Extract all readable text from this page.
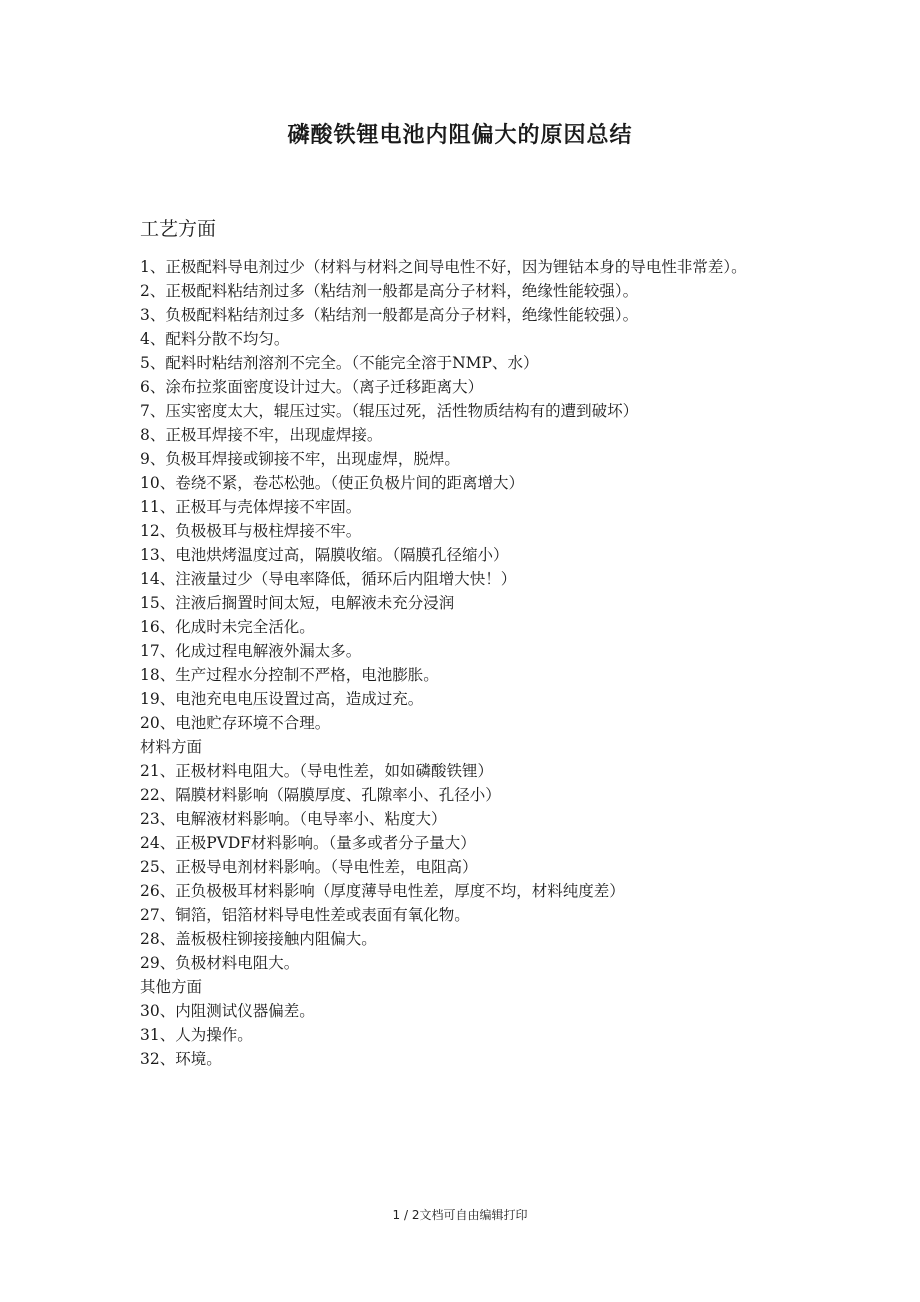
磷酸铁锂电池内阻偏大的原因总结
工艺方面

1、正极配料导电剂过少（材料与材料之间导电性不好，因为锂钴本身的导电性非常差）。

2、正极配料粘结剂过多（粘结剂一般都是高分子材料，绝缘性能较强）。

3、负极配料粘结剂过多（粘结剂一般都是高分子材料，绝缘性能较强）。

4、配料分散不均匀。

5、配料时粘结剂溶剂不完全。（不能完全溶于NMP、水）

6、涂布拉浆面密度设计过大。（离子迁移距离大）

7、压实密度太大，辊压过实。（辊压过死，活性物质结构有的遭到破坏）

8、正极耳焊接不牢，出现虚焊接。

9、负极耳焊接或铆接不牢，出现虚焊，脱焊。

10、卷绕不紧，卷芯松弛。（使正负极片间的距离增大）

11、正极耳与壳体焊接不牢固。

12、负极极耳与极柱焊接不牢。

13、电池烘烤温度过高，隔膜收缩。（隔膜孔径缩小）

14、注液量过少（导电率降低，循环后内阻增大快！）

15、注液后搁置时间太短，电解液未充分浸润

16、化成时未完全活化。

17、化成过程电解液外漏太多。

18、生产过程水分控制不严格，电池膨胀。

19、电池充电电压设置过高，造成过充。

20、电池贮存环境不合理。

材料方面

21、正极材料电阻大。（导电性差，如如磷酸铁锂）

22、隔膜材料影响（隔膜厚度、孔隙率小、孔径小）

23、电解液材料影响。（电导率小、粘度大）

24、正极PVDF材料影响。（量多或者分子量大）

25、正极导电剂材料影响。（导电性差，电阻高）

26、正负极极耳材料影响（厚度薄导电性差，厚度不均，材料纯度差）

27、铜箔，铝箔材料导电性差或表面有氧化物。

28、盖板极柱铆接接触内阻偏大。

29、负极材料电阻大。

其他方面

30、内阻测试仪器偏差。

31、人为操作。

32、环境。

1 / 2文档可自由编辑打印
